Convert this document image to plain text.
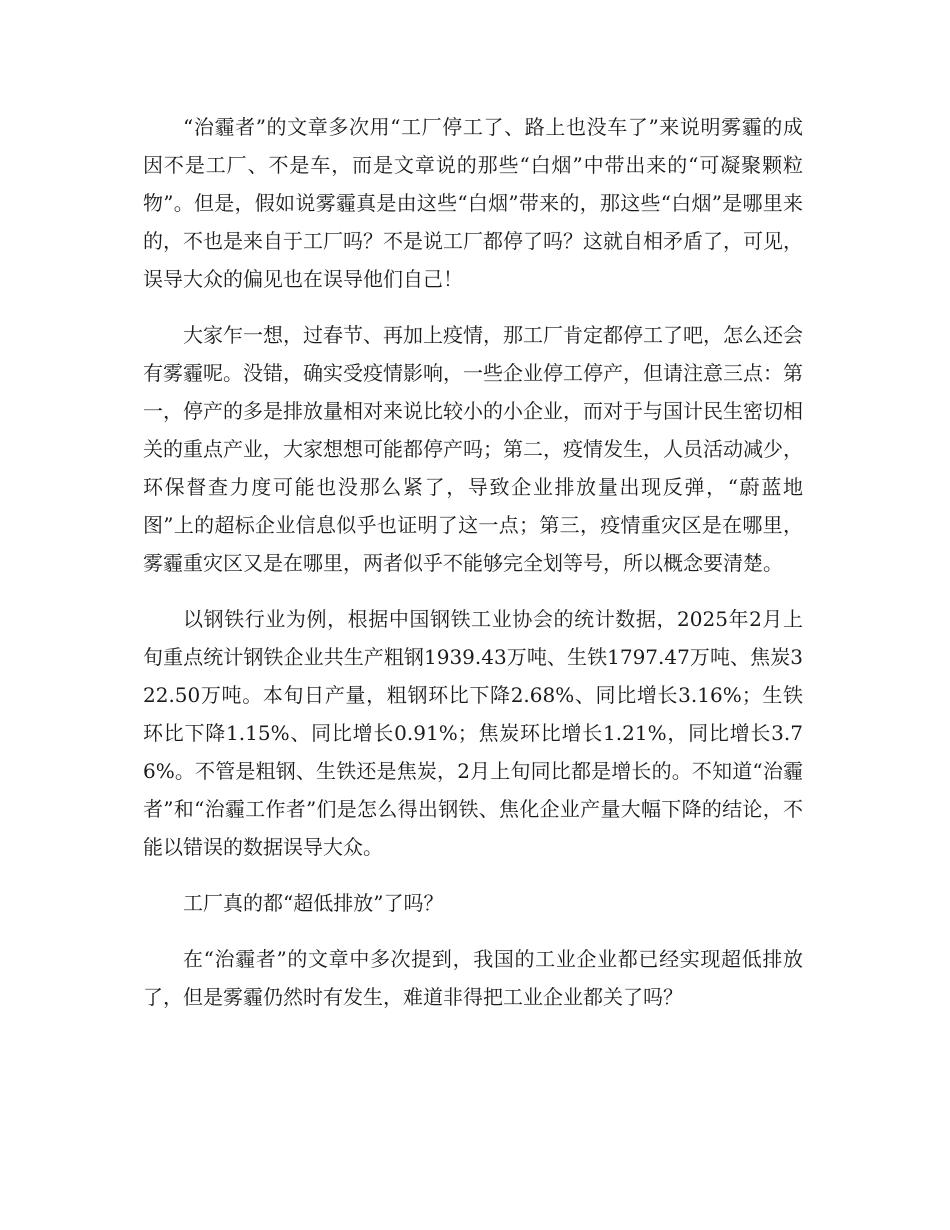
“治霾者”的文章多次用“工厂停工了、路上也没车了”来说明雾霾的成因不是工厂、不是车，而是文章说的那些“白烟”中带出来的“可凝聚颗粒物”。但是，假如说雾霾真是由这些“白烟”带来的，那这些“白烟”是哪里来的，不也是来自于工厂吗？不是说工厂都停了吗？这就自相矛盾了，可见，误导大众的偏见也在误导他们自己！

大家乍一想，过春节、再加上疫情，那工厂肯定都停工了吧，怎么还会有雾霾呢。没错，确实受疫情影响，一些企业停工停产，但请注意三点：第一，停产的多是排放量相对来说比较小的小企业，而对于与国计民生密切相关的重点产业，大家想想可能都停产吗；第二，疫情发生，人员活动减少，环保督查力度可能也没那么紧了，导致企业排放量出现反弹，“蔚蓝地图”上的超标企业信息似乎也证明了这一点；第三，疫情重灾区是在哪里，雾霾重灾区又是在哪里，两者似乎不能够完全划等号，所以概念要清楚。

以钢铁行业为例，根据中国钢铁工业协会的统计数据，2025年2月上旬重点统计钢铁企业共生产粗钢1939.43万吨、生铁1797.47万吨、焦炭322.50万吨。本旬日产量，粗钢环比下降2.68%、同比增长3.16%；生铁环比下降1.15%、同比增长0.91%；焦炭环比增长1.21%，同比增长3.76%。不管是粗钢、生铁还是焦炭，2月上旬同比都是增长的。不知道“治霾者”和“治霾工作者”们是怎么得出钢铁、焦化企业产量大幅下降的结论，不能以错误的数据误导大众。

工厂真的都“超低排放”了吗？

在“治霾者”的文章中多次提到，我国的工业企业都已经实现超低排放了，但是雾霾仍然时有发生，难道非得把工业企业都关了吗？
